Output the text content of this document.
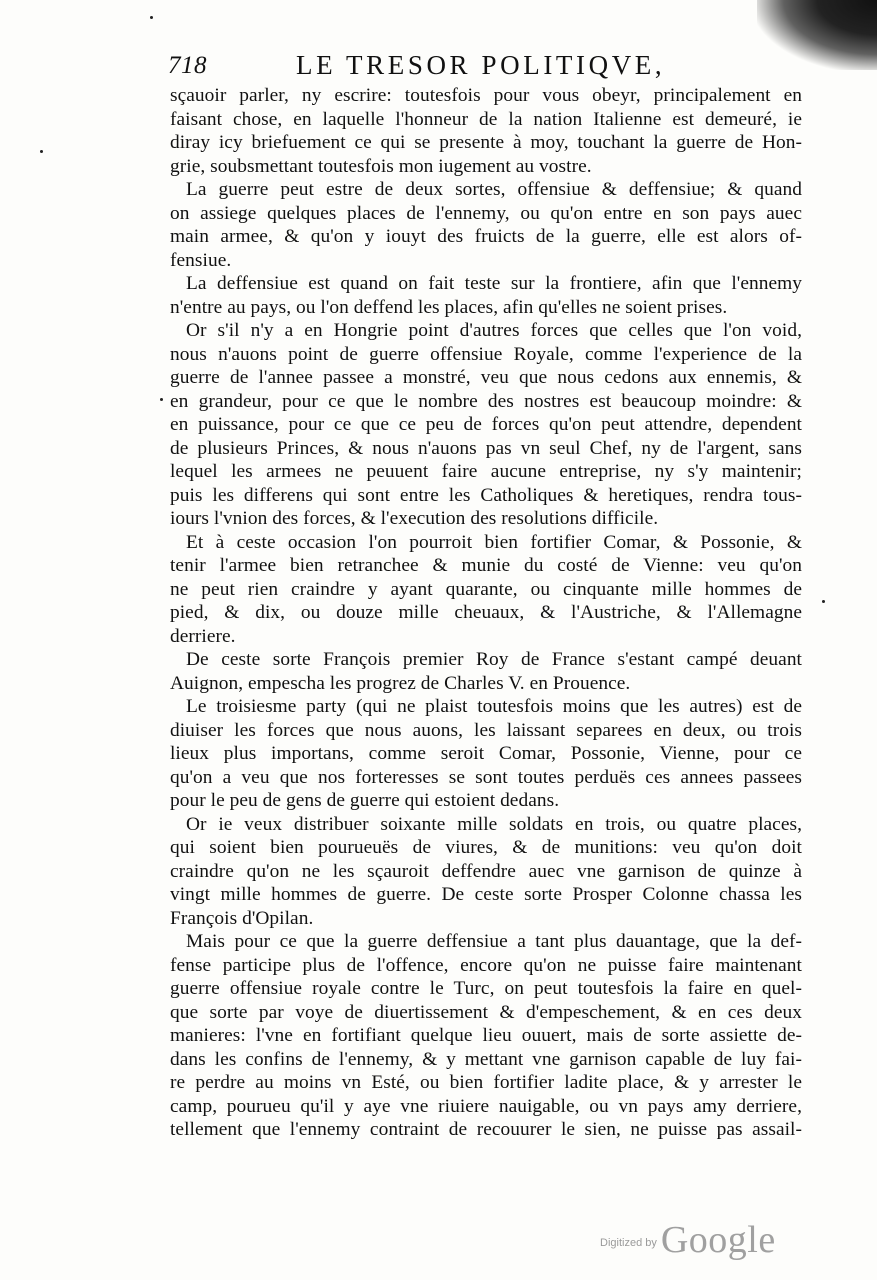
718	LE TRESOR POLITIQVE,
sçauoir parler, ny escrire: toutesfois pour vous obeyr, principalement en
faisant chose, en laquelle l'honneur de la nation Italienne est demeuré, ie
diray icy briefuement ce qui se presente à moy, touchant la guerre de Hon-
grie, soubsmettant toutesfois mon iugement au vostre.
La guerre peut estre de deux sortes, offensiue & deffensiue; & quand
on assiege quelques places de l'ennemy, ou qu'on entre en son pays auec
main armee, & qu'on y iouyt des fruicts de la guerre, elle est alors of-
fensiue.
La deffensiue est quand on fait teste sur la frontiere, afin que l'ennemy
n'entre au pays, ou l'on deffend les places, afin qu'elles ne soient prises.
Or s'il n'y a en Hongrie point d'autres forces que celles que l'on void,
nous n'auons point de guerre offensiue Royale, comme l'experience de la
guerre de l'annee passee a monstré, veu que nous cedons aux ennemis, &
en grandeur, pour ce que le nombre des nostres est beaucoup moindre: &
en puissance, pour ce que ce peu de forces qu'on peut attendre, dependent
de plusieurs Princes, & nous n'auons pas vn seul Chef, ny de l'argent, sans
lequel les armees ne peuuent faire aucune entreprise, ny s'y maintenir;
puis les differens qui sont entre les Catholiques & heretiques, rendra tous-
iours l'vnion des forces, & l'execution des resolutions difficile.
Et à ceste occasion l'on pourroit bien fortifier Comar, & Possonie, &
tenir l'armee bien retranchee & munie du costé de Vienne: veu qu'on
ne peut rien craindre y ayant quarante, ou cinquante mille hommes de
pied, & dix, ou douze mille cheuaux, & l'Austriche, & l'Allemagne
derriere.
De ceste sorte François premier Roy de France s'estant campé deuant
Auignon, empescha les progrez de Charles V. en Prouence.
Le troisiesme party (qui ne plaist toutesfois moins que les autres) est de
diuiser les forces que nous auons, les laissant separees en deux, ou trois
lieux plus importans, comme seroit Comar, Possonie, Vienne, pour ce
qu'on a veu que nos forteresses se sont toutes perduës ces annees passees
pour le peu de gens de guerre qui estoient dedans.
Or ie veux distribuer soixante mille soldats en trois, ou quatre places,
qui soient bien pourueuës de viures, & de munitions: veu qu'on doit
craindre qu'on ne les sçauroit deffendre auec vne garnison de quinze à
vingt mille hommes de guerre. De ceste sorte Prosper Colonne chassa les
François d'Opilan.
Mais pour ce que la guerre deffensiue a tant plus dauantage, que la def-
fense participe plus de l'offence, encore qu'on ne puisse faire maintenant
guerre offensiue royale contre le Turc, on peut toutesfois la faire en quel-
que sorte par voye de diuertissement & d'empeschement, & en ces deux
manieres: l'vne en fortifiant quelque lieu ouuert, mais de sorte assiette de-
dans les confins de l'ennemy, & y mettant vne garnison capable de luy fai-
re perdre au moins vn Esté, ou bien fortifier ladite place, & y arrester le
camp, pourueu qu'il y aye vne riuiere nauigable, ou vn pays amy derriere,
tellement que l'ennemy contraint de recouurer le sien, ne puisse pas assail-
$^{Digitized by}$ Google
